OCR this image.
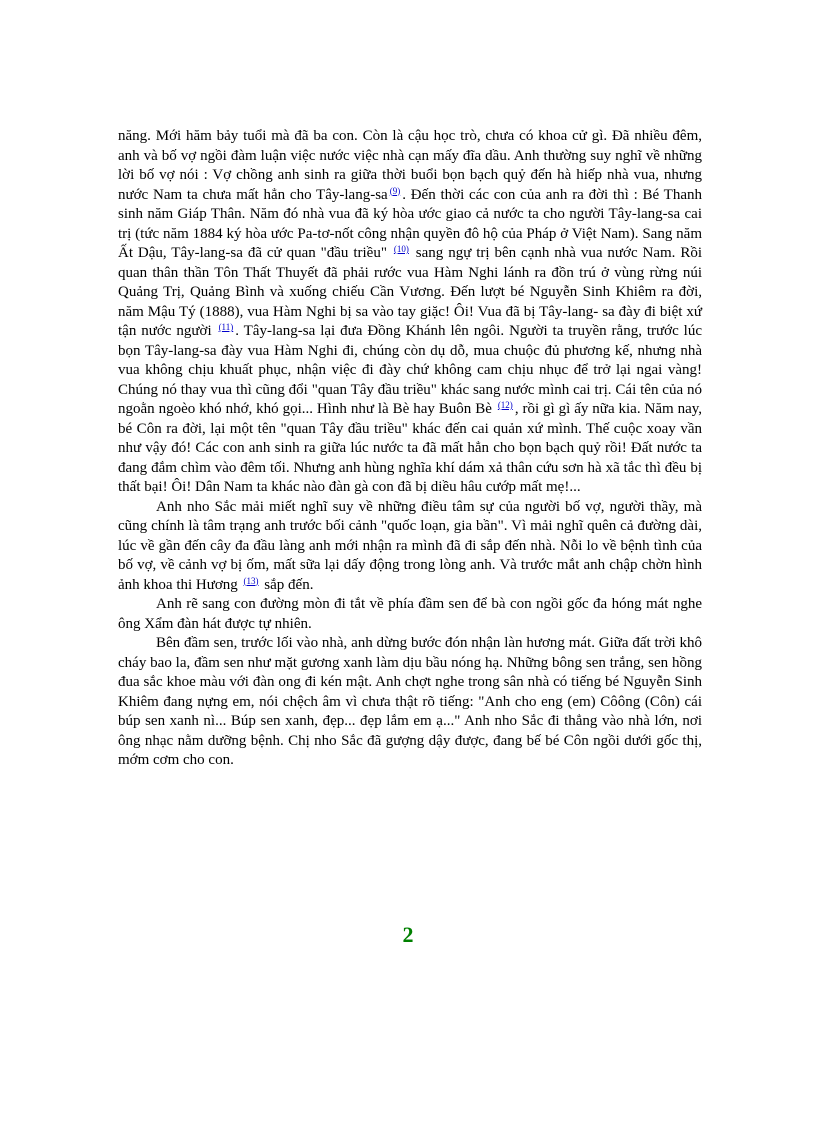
năng. Mới hăm bảy tuổi mà đã ba con. Còn là cậu học trò, chưa có khoa cử gì. Đã nhiều đêm, anh và bố vợ ngồi đàm luận việc nước việc nhà cạn mấy đĩa dầu. Anh thường suy nghĩ về những lời bố vợ nói : Vợ chồng anh sinh ra giữa thời buổi bọn bạch quỷ đến hà hiếp nhà vua, nhưng nước Nam ta chưa mất hẳn cho Tây-lang-sa $^{(9)}$ . Đến thời các con của anh ra đời thì : Bé Thanh sinh năm Giáp Thân. Năm đó nhà vua đã ký hòa ước giao cả nước ta cho người Tây-lang-sa cai trị (tức năm 1884 ký hòa ước Pa-tơ-nốt công nhận quyền đô hộ của Pháp ở Việt Nam). Sang năm Ất Dậu, Tây-lang-sa đã cử quan "đầu triều" $^{(10)}$ sang ngự trị bên cạnh nhà vua nước Nam. Rồi quan thân thần Tôn Thất Thuyết đã phải rước vua Hàm Nghi lánh ra đồn trú ở vùng rừng núi Quảng Trị, Quảng Bình và xuống chiếu Cần Vương. Đến lượt bé Nguyễn Sinh Khiêm ra đời, năm Mậu Tý (1888), vua Hàm Nghi bị sa vào tay giặc! Ôi! Vua đã bị Tây-lang- sa đày đi biệt xứ tận nước người $^{(11)}$ . Tây-lang-sa lại đưa Đồng Khánh lên ngôi. Người ta truyền rằng, trước lúc bọn Tây-lang-sa đày vua Hàm Nghi đi, chúng còn dụ dỗ, mua chuộc đủ phương kế, nhưng nhà vua không chịu khuất phục, nhận việc đi đày chứ không cam chịu nhục để trở lại ngai vàng! Chúng nó thay vua thì cũng đổi "quan Tây đầu triều" khác sang nước mình cai trị. Cái tên của nó ngoằn ngoèo khó nhớ, khó gọi... Hình như là Bè hay Buôn Bè $^{(12)}$ , rồi gì gì ấy nữa kia. Năm nay, bé Côn ra đời, lại một tên "quan Tây đầu triều" khác đến cai quản xứ mình. Thế cuộc xoay vần như vậy đó! Các con anh sinh ra giữa lúc nước ta đã mất hẳn cho bọn bạch quỷ rồi! Đất nước ta đang đắm chìm vào đêm tối. Nhưng anh hùng nghĩa khí dám xả thân cứu sơn hà xã tắc thì đều bị thất bại! Ôi! Dân Nam ta khác nào đàn gà con đã bị diều hâu cướp mất mẹ!...

Anh nho Sắc mải miết nghĩ suy về những điều tâm sự của người bố vợ, người thầy, mà cũng chính là tâm trạng anh trước bối cảnh "quốc loạn, gia bần". Vì mải nghĩ quên cả đường dài, lúc về gần đến cây đa đầu làng anh mới nhận ra mình đã đi sắp đến nhà. Nỗi lo về bệnh tình của bố vợ, về cảnh vợ bị ốm, mất sữa lại dấy động trong lòng anh. Và trước mắt anh chập chờn hình ảnh khoa thi Hương $^{(13)}$ sắp đến.

Anh rẽ sang con đường mòn đi tắt về phía đầm sen để bà con ngồi gốc đa hóng mát nghe ông Xẩm đàn hát được tự nhiên.

Bên đầm sen, trước lối vào nhà, anh dừng bước đón nhận làn hương mát. Giữa đất trời khô cháy bao la, đầm sen như mặt gương xanh làm dịu bầu nóng hạ. Những bông sen trắng, sen hồng đua sắc khoe màu với đàn ong đi kén mật. Anh chợt nghe trong sân nhà có tiếng bé Nguyễn Sinh Khiêm đang nựng em, nói chệch âm vì chưa thật rõ tiếng: "Anh cho eng (em) Côông (Côn) cái búp sen xanh nì... Búp sen xanh, đẹp... đẹp lắm em ạ..." Anh nho Sắc đi thẳng vào nhà lớn, nơi ông nhạc nằm dưỡng bệnh. Chị nho Sắc đã gượng dậy được, đang bế bé Côn ngồi dưới gốc thị, mớm cơm cho con.

2
